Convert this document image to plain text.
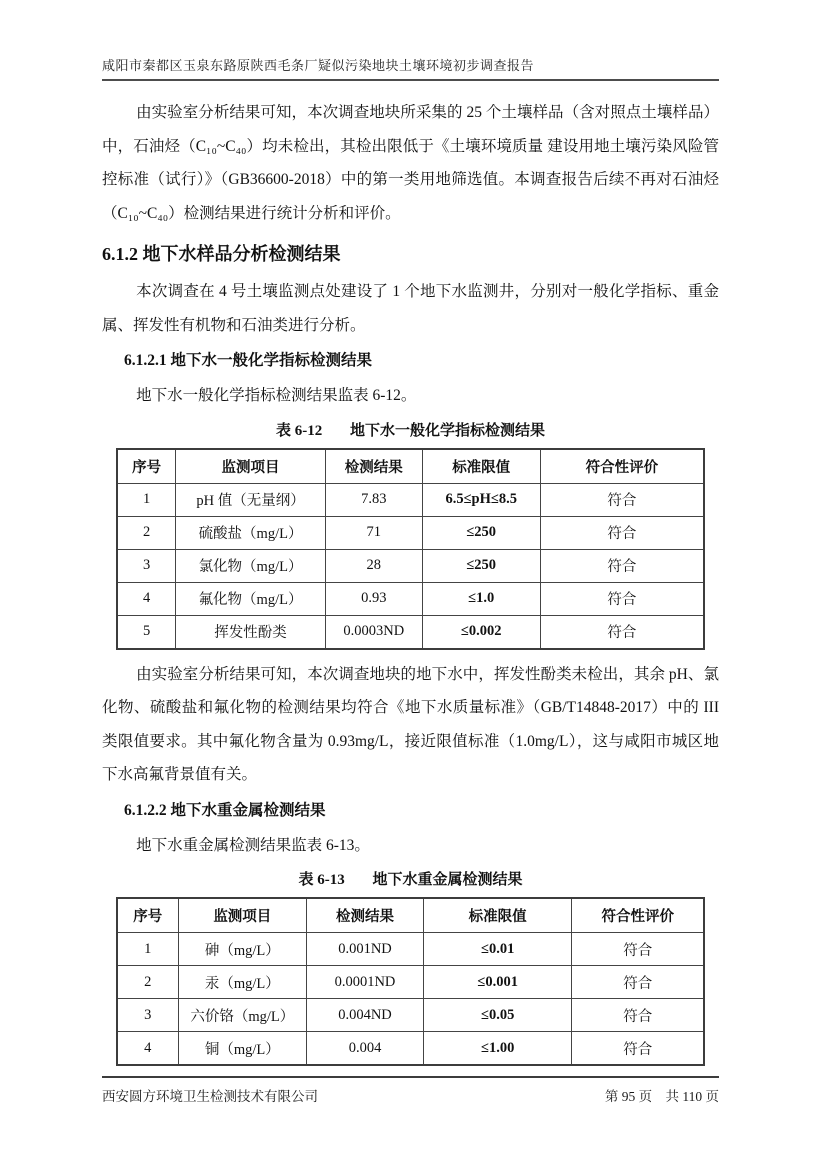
咸阳市秦都区玉泉东路原陕西毛条厂疑似污染地块土壤环境初步调查报告

由实验室分析结果可知，本次调查地块所采集的 25 个土壤样品（含对照点土壤样品）中，石油烃（C₁₀~C₄₀）均未检出，其检出限低于《土壤环境质量 建设用地土壤污染风险管控标准（试行）》（GB36600-2018）中的第一类用地筛选值。本调查报告后续不再对石油烃（C₁₀~C₄₀）检测结果进行统计分析和评价。

6.1.2 地下水样品分析检测结果

本次调查在 4 号土壤监测点处建设了 1 个地下水监测井，分别对一般化学指标、重金属、挥发性有机物和石油类进行分析。

6.1.2.1 地下水一般化学指标检测结果

地下水一般化学指标检测结果监表 6-12。

表 6-12 地下水一般化学指标检测结果
序号	监测项目	检测结果	标准限值	符合性评价
1	pH 值（无量纲）	7.83	6.5≤pH≤8.5	符合
2	硫酸盐（mg/L）	71	≤250	符合
3	氯化物（mg/L）	28	≤250	符合
4	氟化物（mg/L）	0.93	≤1.0	符合
5	挥发性酚类	0.0003ND	≤0.002	符合

由实验室分析结果可知，本次调查地块的地下水中，挥发性酚类未检出，其余 pH、氯化物、硫酸盐和氟化物的检测结果均符合《地下水质量标准》（GB/T14848-2017）中的 III 类限值要求。其中氟化物含量为 0.93mg/L，接近限值标准（1.0mg/L），这与咸阳市城区地下水高氟背景值有关。

6.1.2.2 地下水重金属检测结果

地下水重金属检测结果监表 6-13。

表 6-13 地下水重金属检测结果
序号	监测项目	检测结果	标准限值	符合性评价
1	砷（mg/L）	0.001ND	≤0.01	符合
2	汞（mg/L）	0.0001ND	≤0.001	符合
3	六价铬（mg/L）	0.004ND	≤0.05	符合
4	铜（mg/L）	0.004	≤1.00	符合
西安圆方环境卫生检测技术有限公司	第 95 页 共 110 页
